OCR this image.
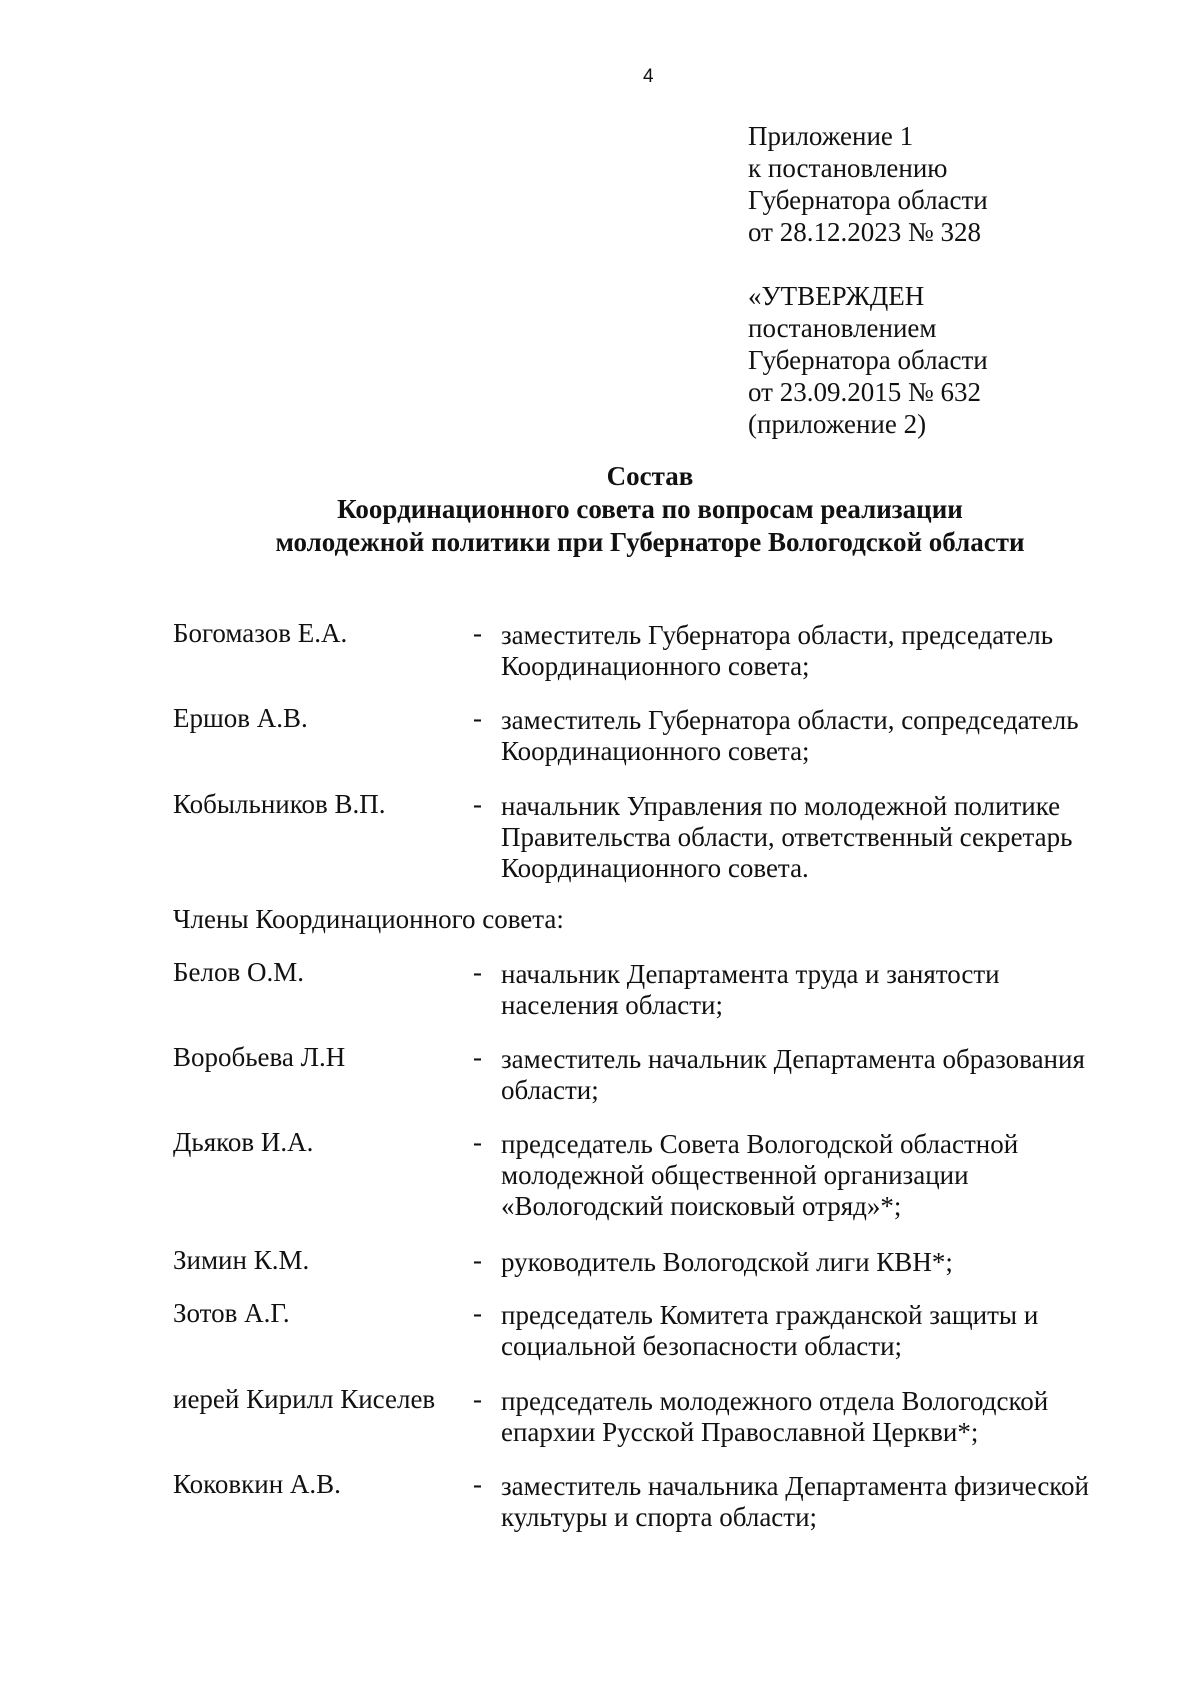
4
Приложение 1
к постановлению
Губернатора области
от 28.12.2023 № 328
«УТВЕРЖДЕН
постановлением
Губернатора области
от 23.09.2015 № 632
(приложение 2)
Состав
Координационного совета по вопросам реализации
молодежной политики при Губернаторе Вологодской области
Богомазов Е.А.	- заместитель Губернатора области, председатель
Координационного совета;
Ершов А.В.	- заместитель Губернатора области, сопредседатель
Координационного совета;
Кобыльников В.П.	- начальник Управления по молодежной политике
Правительства области, ответственный секретарь
Координационного совета.
Члены Координационного совета:
Белов О.М.	- начальник Департамента труда и занятости
населения области;
Воробьева Л.Н	- заместитель начальник Департамента образования
области;
Дьяков И.А.	- председатель Совета Вологодской областной
молодежной общественной организации
«Вологодский поисковый отряд»*;
Зимин К.М.	- руководитель Вологодской лиги КВН*;
Зотов А.Г.	- председатель Комитета гражданской защиты и
социальной безопасности области;
иерей Кирилл Киселев - председатель молодежного отдела Вологодской
епархии Русской Православной Церкви*;
Коковкин А.В.	- заместитель начальника Департамента физической
культуры и спорта области;
